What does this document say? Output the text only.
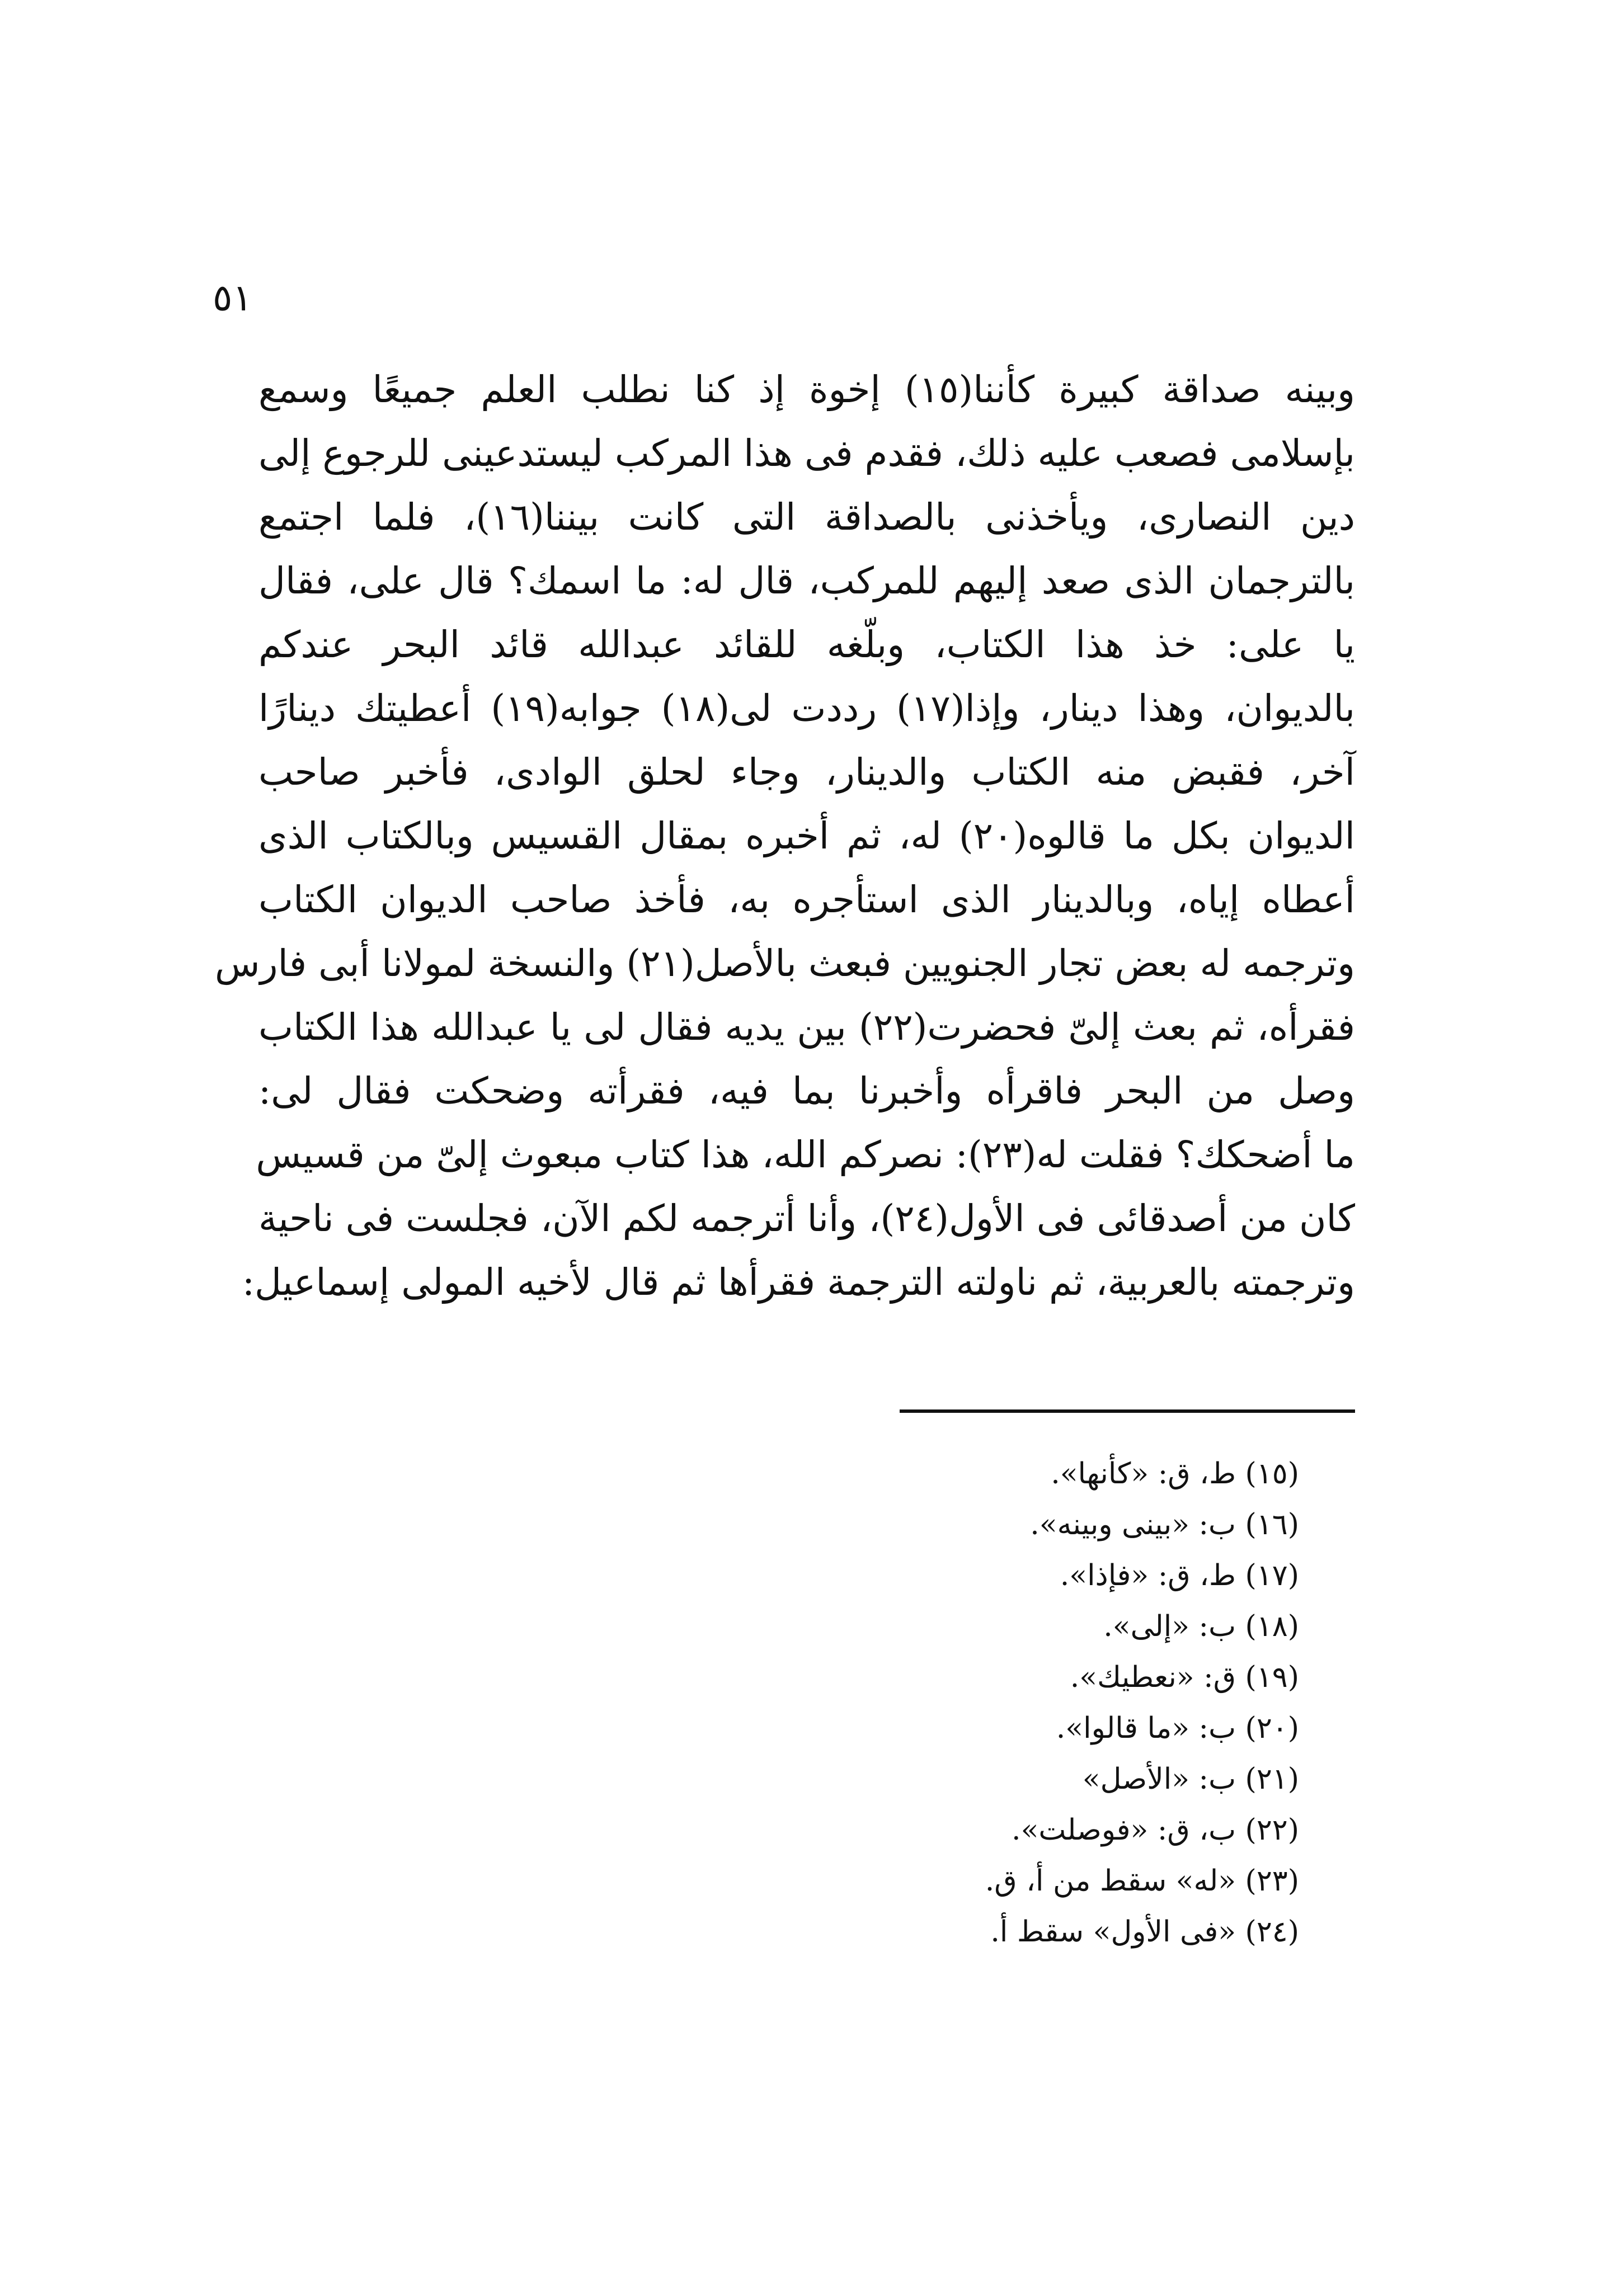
٥١
وبينه صداقة كبيرة كأننا(١٥) إخوة إذ كنا نطلب العلم جميعًا وسمع
بإسلامى فصعب عليه ذلك، فقدم فى هذا المركب ليستدعينى للرجوع إلى
دين النصارى، ويأخذنى بالصداقة التى كانت بيننا(١٦)، فلما اجتمع
بالترجمان الذى صعد إليهم للمركب، قال له: ما اسمك؟ قال على، فقال
يا على: خذ هذا الكتاب، وبلّغه للقائد عبدالله قائد البحر عندكم
بالديوان، وهذا دينار، وإذا(١٧) رددت لى(١٨) جوابه(١٩) أعطيتك دينارًا
آخر، فقبض منه الكتاب والدينار، وجاء لحلق الوادى، فأخبر صاحب
الديوان بكل ما قالوه(٢٠) له، ثم أخبره بمقال القسيس وبالكتاب الذى
أعطاه إياه، وبالدينار الذى استأجره به، فأخذ صاحب الديوان الكتاب
وترجمه له بعض تجار الجنويين فبعث بالأصل(٢١) والنسخة لمولانا أبى فارس
فقرأه، ثم بعث إلىّ فحضرت(٢٢) بين يديه فقال لى يا عبدالله هذا الكتاب
وصل من البحر فاقرأه وأخبرنا بما فيه، فقرأته وضحكت فقال لى:
ما أضحكك؟ فقلت له(٢٣): نصركم الله، هذا كتاب مبعوث إلىّ من قسيس
كان من أصدقائى فى الأول(٢٤)، وأنا أترجمه لكم الآن، فجلست فى ناحية
وترجمته بالعربية، ثم ناولته الترجمة فقرأها ثم قال لأخيه المولى إسماعيل:
(١٥) ط، ق: «كأنها».
(١٦) ب: «بينى وبينه».
(١٧) ط، ق: «فإذا».
(١٨) ب: «إلى».
(١٩) ق: «نعطيك».
(٢٠) ب: «ما قالوا».
(٢١) ب: «الأصل»
(٢٢) ب، ق: «فوصلت».
(٢٣) «له» سقط من أ، ق.
(٢٤) «فى الأول» سقط أ.
